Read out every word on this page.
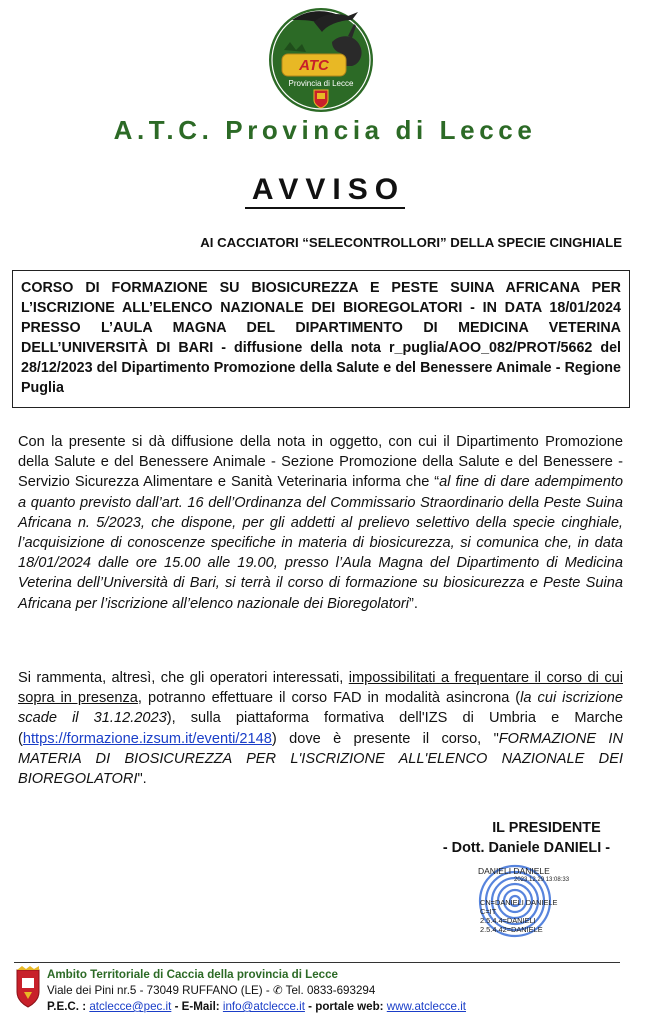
ATC
Provincia di Lecce
A.T.C. Provincia di Lecce
AVVISO
AI CACCIATORI “SELECONTROLLORI” DELLA SPECIE CINGHIALE
CORSO DI FORMAZIONE SU BIOSICUREZZA E PESTE SUINA AFRICANA PER L’ISCRIZIONE ALL’ELENCO NAZIONALE DEI BIOREGOLATORI - IN DATA 18/01/2024 PRESSO L’AULA MAGNA DEL DIPARTIMENTO DI MEDICINA VETERINA DELL’UNIVERSITÀ DI BARI - diffusione della nota r_puglia/AOO_082/PROT/5662 del 28/12/2023 del Dipartimento Promozione della Salute e del Benessere Animale - Regione Puglia
Con la presente si dà diffusione della nota in oggetto, con cui il Dipartimento Promozione della Salute e del Benessere Animale - Sezione Promozione della Salute e del Benessere - Servizio Sicurezza Alimentare e Sanità Veterinaria informa che “al fine di dare adempimento a quanto previsto dall’art. 16 dell’Ordinanza del Commissario Straordinario della Peste Suina Africana n. 5/2023, che dispone, per gli addetti al prelievo selettivo della specie cinghiale, l’acquisizione di conoscenze specifiche in materia di biosicurezza, si comunica che, in data 18/01/2024 dalle ore 15.00 alle 19.00, presso l’Aula Magna del Dipartimento di Medicina Veterina dell’Università di Bari, si terrà il corso di formazione su biosicurezza e Peste Suina Africana per l’iscrizione all’elenco nazionale dei Bioregolatori”.
Si rammenta, altresì, che gli operatori interessati, impossibilitati a frequentare il corso di cui sopra in presenza, potranno effettuare il corso FAD in modalità asincrona (la cui iscrizione scade il 31.12.2023), sulla piattaforma formativa dell'IZS di Umbria e Marche (https://formazione.izsum.it/eventi/2148) dove è presente il corso, "FORMAZIONE IN MATERIA DI BIOSICUREZZA PER L'ISCRIZIONE ALL'ELENCO NAZIONALE DEI BIOREGOLATORI".
IL PRESIDENTE
- Dott. Daniele DANIELI -
DANIELI DANIELE
2023.12.29 13:08:33
CN=DANIELI DANIELE
C=IT
2.5.4.4=DANIELI
2.5.4.42=DANIELE
Ambito Territoriale di Caccia della provincia di Lecce
Viale dei Pini nr.5 - 73049 RUFFANO (LE) - ✆ Tel. 0833-693294
P.E.C. : atclecce@pec.it - E-Mail: info@atclecce.it - portale web: www.atclecce.it
